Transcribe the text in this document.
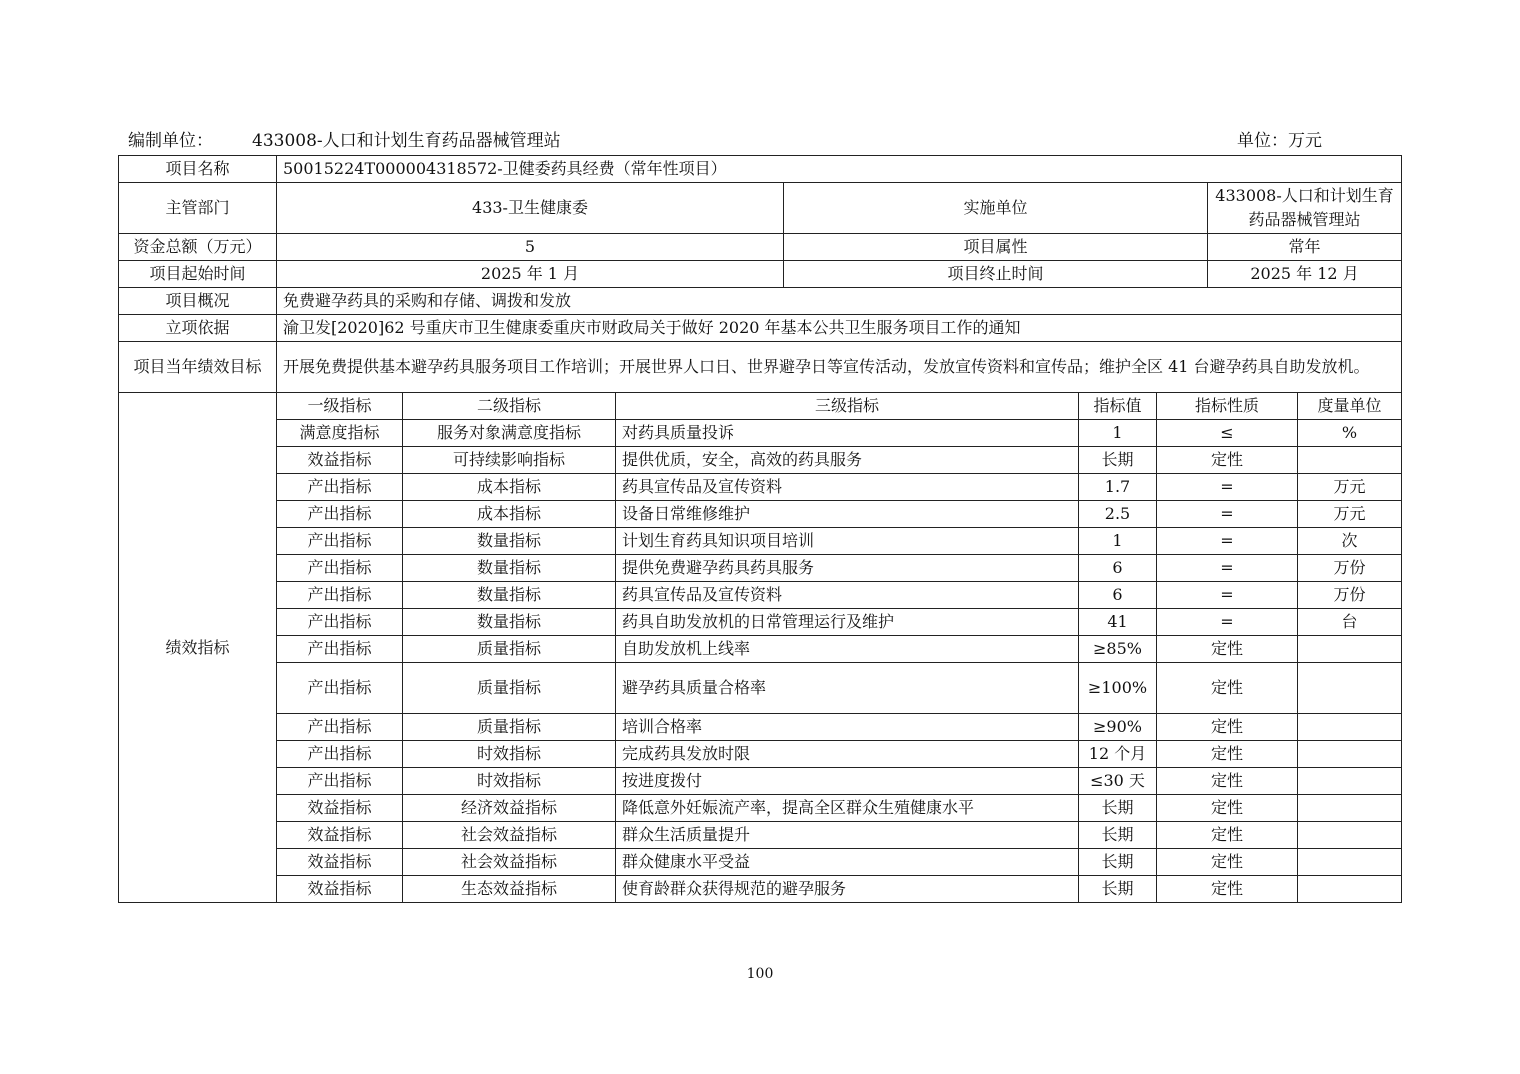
编制单位： 433008-人口和计划生育药品器械管理站	单位：万元
项目名称	50015224T000004318572-卫健委药具经费（常年性项目）							
主管部门	433-卫生健康委			实施单位			433008-人口和计划生育药品器械管理站	
资金总额（万元）	5			项目属性			常年	
项目起始时间	2025 年 1 月			项目终止时间			2025 年 12 月	
项目概况	免费避孕药具的采购和存储、调拨和发放							
立项依据	渝卫发[2020]62 号重庆市卫生健康委重庆市财政局关于做好 2020 年基本公共卫生服务项目工作的通知							
项目当年绩效目标	开展免费提供基本避孕药具服务项目工作培训；开展世界人口日、世界避孕日等宣传活动，发放宣传资料和宣传品；维护全区 41 台避孕药具自助发放机。							
绩效指标	一级指标	二级指标	三级指标		指标值	指标性质		度量单位
	满意度指标	服务对象满意度指标	对药具质量投诉		1	≤		%
	效益指标	可持续影响指标	提供优质，安全，高效的药具服务		长期	定性		
	产出指标	成本指标	药具宣传品及宣传资料		1.7	=		万元
	产出指标	成本指标	设备日常维修维护		2.5	=		万元
	产出指标	数量指标	计划生育药具知识项目培训		1	=		次
	产出指标	数量指标	提供免费避孕药具药具服务		6	=		万份
	产出指标	数量指标	药具宣传品及宣传资料		6	=		万份
	产出指标	数量指标	药具自助发放机的日常管理运行及维护		41	=		台
	产出指标	质量指标	自助发放机上线率		≥85%	定性		
	产出指标	质量指标	避孕药具质量合格率		≥100%	定性		
	产出指标	质量指标	培训合格率		≥90%	定性		
	产出指标	时效指标	完成药具发放时限		12 个月	定性		
	产出指标	时效指标	按进度拨付		≤30 天	定性		
	效益指标	经济效益指标	降低意外妊娠流产率，提高全区群众生殖健康水平		长期	定性		
	效益指标	社会效益指标	群众生活质量提升		长期	定性		
	效益指标	社会效益指标	群众健康水平受益		长期	定性		
	效益指标	生态效益指标	使育龄群众获得规范的避孕服务		长期	定性		
100
